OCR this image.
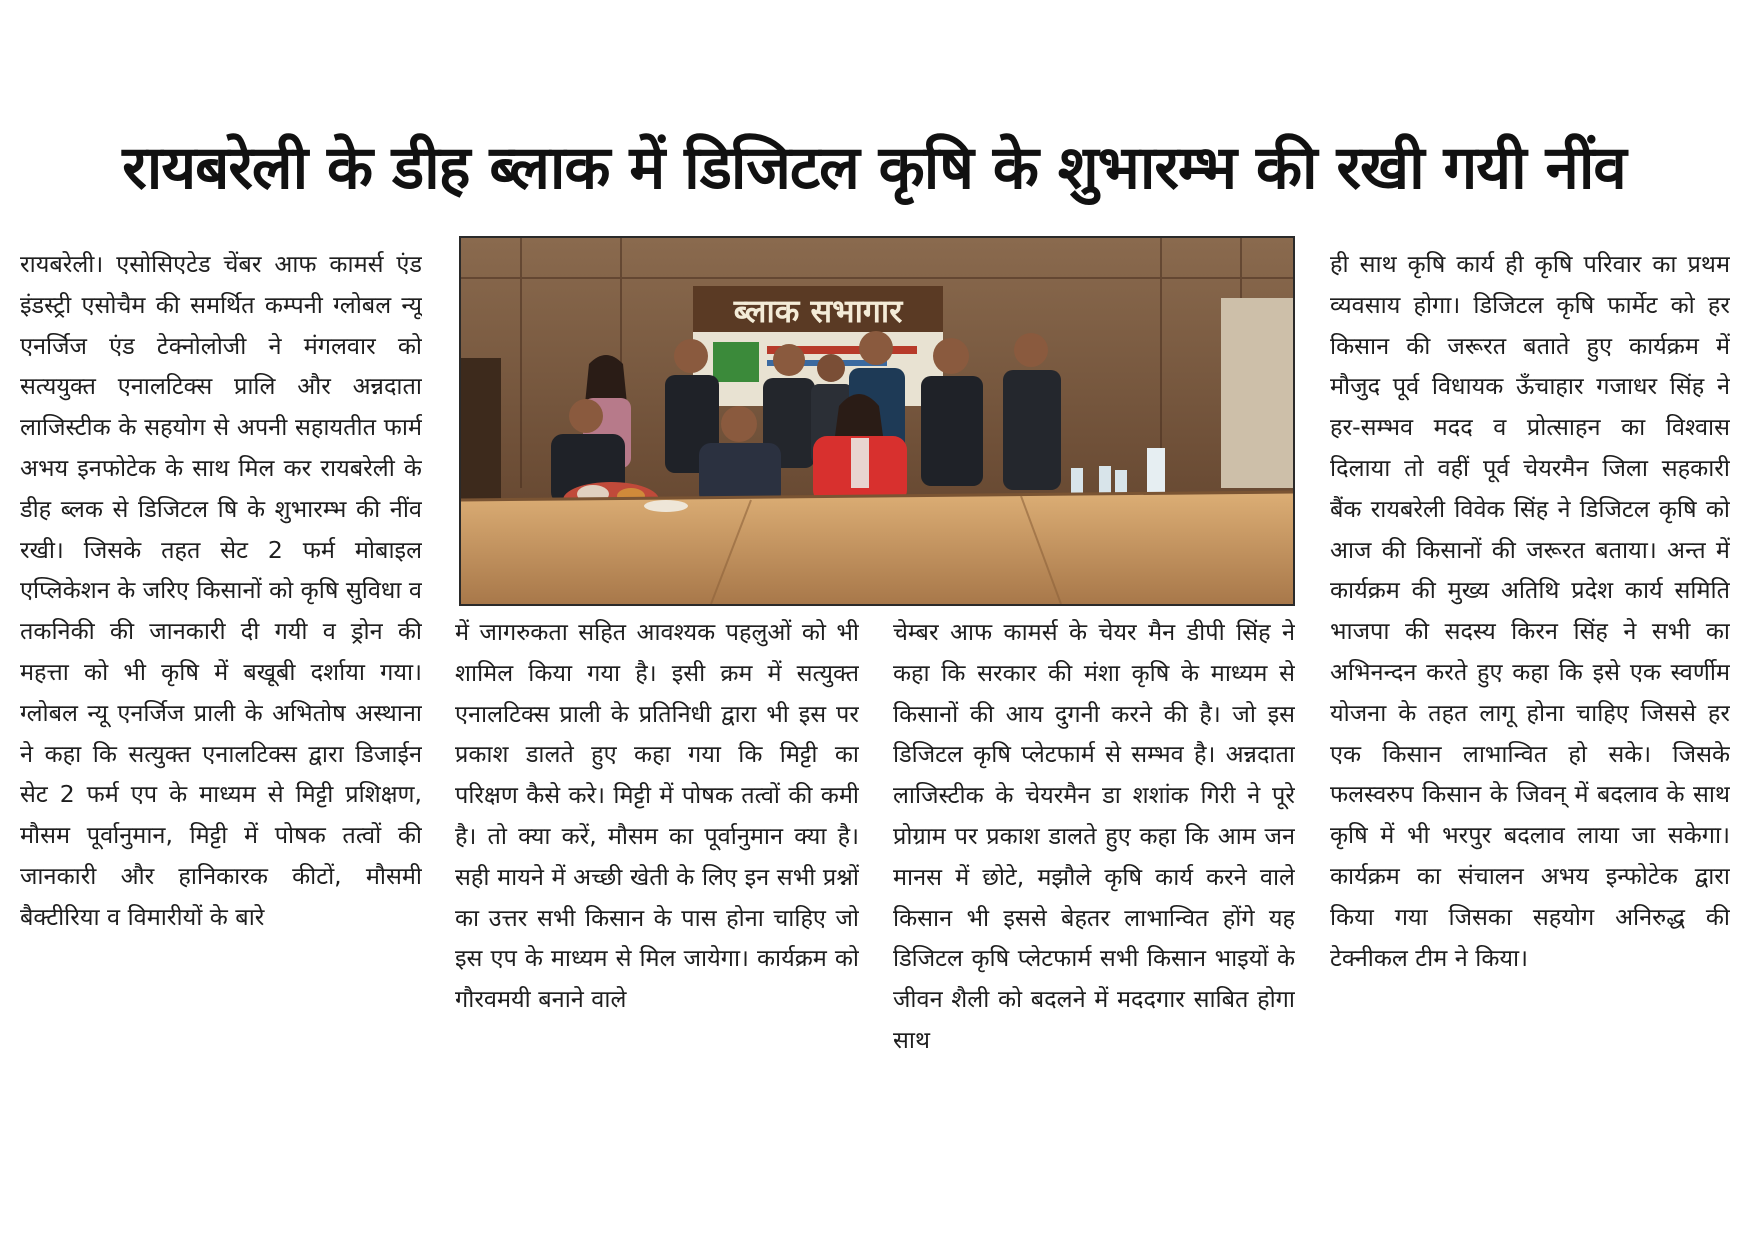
रायबरेली के डीह ब्लाक में डिजिटल कृषि के शुभारम्भ की रखी गयी नींव

रायबरेली। एसोसिएटेड चेंबर आफ कामर्स एंड इंडस्ट्री एसोचैम की समर्थित कम्पनी ग्लोबल न्यू एनर्जिज एंड टेक्नोलोजी ने मंगलवार को सत्ययुक्त एनालटिक्स प्रालि और अन्नदाता लाजिस्टीक के सहयोग से अपनी सहायतीत फार्म अभय इनफोटेक के साथ मिल कर रायबरेली के डीह ब्लक से डिजिटल षि के शुभारम्भ की नींव रखी। जिसके तहत सेट 2 फर्म मोबाइल एप्लिकेशन के जरिए किसानों को कृषि सुविधा व तकनिकी की जानकारी दी गयी व ड्रोन की महत्ता को भी कृषि में बखूबी दर्शाया गया। ग्लोबल न्यू एनर्जिज प्राली के अभितोष अस्थाना ने कहा कि सत्युक्त एनालटिक्स द्वारा डिजाईन सेट 2 फर्म एप के माध्यम से मिट्टी प्रशिक्षण, मौसम पूर्वानुमान, मिट्टी में पोषक तत्वों की जानकारी और हानिकारक कीटों, मौसमी बैक्टीरिया व विमारीयों के बारे

में जागरुकता सहित आवश्यक पहलुओं को भी शामिल किया गया है। इसी क्रम में सत्युक्त एनालटिक्स प्राली के प्रतिनिधी द्वारा भी इस पर प्रकाश डालते हुए कहा गया कि मिट्टी का परिक्षण कैसे करे। मिट्टी में पोषक तत्वों की कमी है। तो क्या करें, मौसम का पूर्वानुमान क्या है। सही मायने में अच्छी खेती के लिए इन सभी प्रश्नों का उत्तर सभी किसान के पास होना चाहिए जो इस एप के माध्यम से मिल जायेगा। कार्यक्रम को गौरवमयी बनाने वाले

चेम्बर आफ कामर्स के चेयर मैन डीपी सिंह ने कहा कि सरकार की मंशा कृषि के माध्यम से किसानों की आय दुगनी करने की है। जो इस डिजिटल कृषि प्लेटफार्म से सम्भव है। अन्नदाता लाजिस्टीक के चेयरमैन डा शशांक गिरी ने पूरे प्रोग्राम पर प्रकाश डालते हुए कहा कि आम जन मानस में छोटे, मझौले कृषि कार्य करने वाले किसान भी इससे बेहतर लाभान्वित होंगे यह डिजिटल कृषि प्लेटफार्म सभी किसान भाइयों के जीवन शैली को बदलने में मददगार साबित होगा साथ

ही साथ कृषि कार्य ही कृषि परिवार का प्रथम व्यवसाय होगा। डिजिटल कृषि फार्मेट को हर किसान की जरूरत बताते हुए कार्यक्रम में मौजुद पूर्व विधायक ऊँचाहार गजाधर सिंह ने हर-सम्भव मदद व प्रोत्साहन का विश्वास दिलाया तो वहीं पूर्व चेयरमैन जिला सहकारी बैंक रायबरेली विवेक सिंह ने डिजिटल कृषि को आज की किसानों की जरूरत बताया। अन्त में कार्यक्रम की मुख्य अतिथि प्रदेश कार्य समिति भाजपा की सदस्य किरन सिंह ने सभी का अभिनन्दन करते हुए कहा कि इसे एक स्वर्णीम योजना के तहत लागू होना चाहिए जिससे हर एक किसान लाभान्वित हो सके। जिसके फलस्वरुप किसान के जिवन् में बदलाव के साथ कृषि में भी भरपुर बदलाव लाया जा सकेगा। कार्यक्रम का संचालन अभय इन्फोटेक द्वारा किया गया जिसका सहयोग अनिरुद्ध की टेक्नीकल टीम ने किया।

ब्लाक सभागार
